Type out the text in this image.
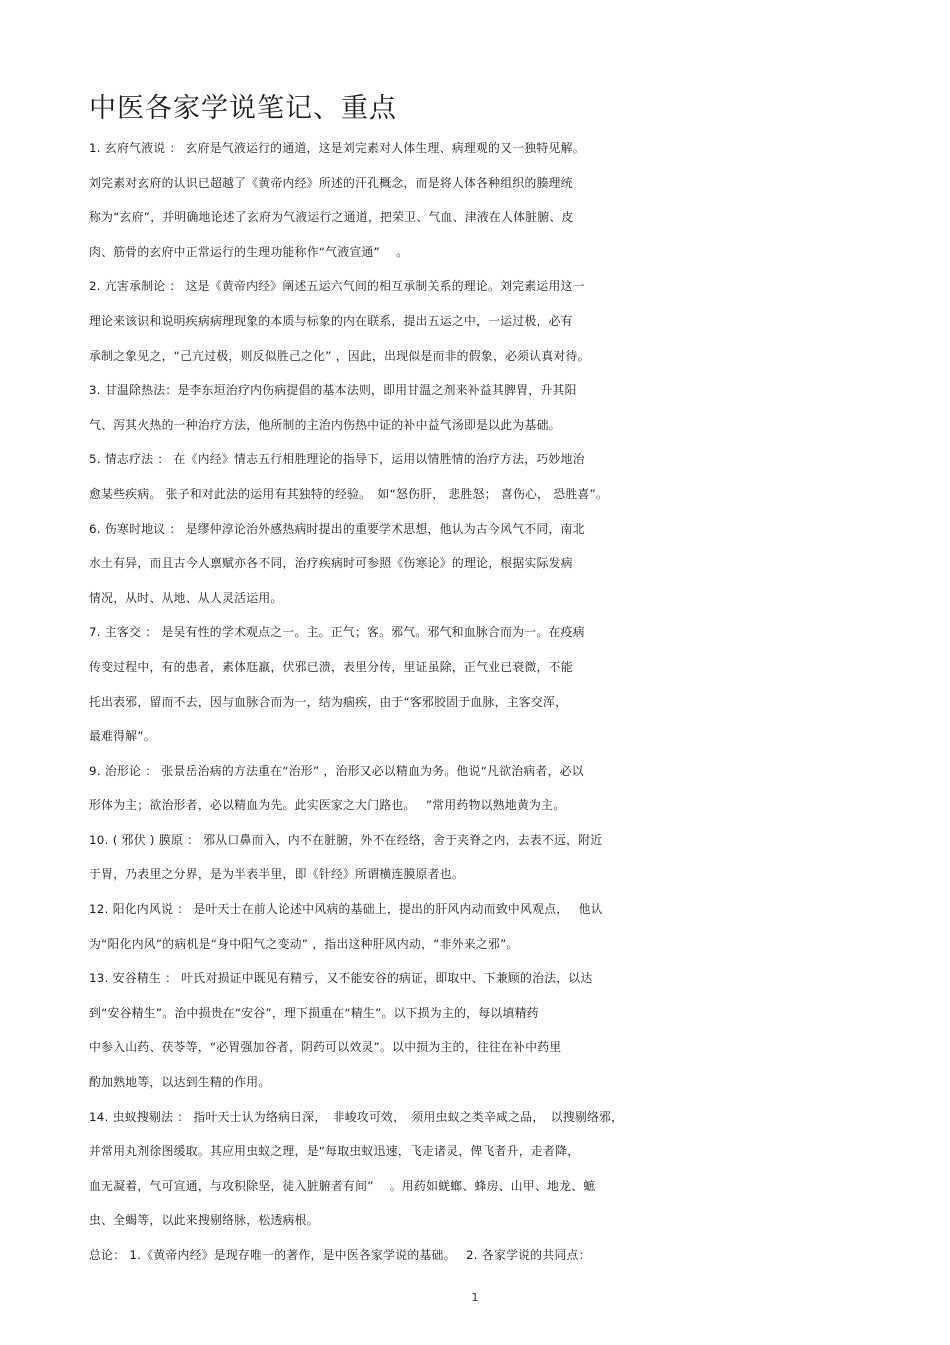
中医各家学说笔记、重点
1. 玄府气液说 ： 玄府是气液运行的通道，这是刘完素对人体生理、病理观的又一独特见解。
刘完素对玄府的认识已超越了《黄帝内经》所述的汗孔概念，而是将人体各种组织的腠理统
称为“玄府”，并明确地论述了玄府为气液运行之通道，把荣卫、气血、津液在人体脏腑、皮
肉、筋骨的玄府中正常运行的生理功能称作“气液宣通”　 。
2. 亢害承制论 ： 这是《黄帝内经》阐述五运六气间的相互承制关系的理论。刘完素运用这一
理论来该识和说明疾病病理现象的本质与标象的内在联系，提出五运之中，一运过极，必有
承制之象见之，“己亢过极，则反似胜己之化” ，因此，出现似是而非的假象，必须认真对待。
3. 甘温除热法：是李东垣治疗内伤病提倡的基本法则，即用甘温之剂来补益其脾胃，升其阳
气、泻其火热的一种治疗方法，他所制的主治内伤热中证的补中益气汤即是以此为基础。
5. 情志疗法 ： 在《内经》情志五行相胜理论的指导下，运用以情胜情的治疗方法，巧妙地治
愈某些疾病。 张子和对此法的运用有其独特的经验。　如“怒伤肝， 悲胜怒； 喜伤心， 恐胜喜”。
6. 伤寒时地议 ： 是缪仲淳论治外感热病时提出的重要学术思想，他认为古今风气不同，南北
水土有异，而且古今人禀赋亦各不同，治疗疾病时可参照《伤寒论》的理论，根据实际发病
情况，从时、从地、从人灵活运用。
7. 主客交 ： 是吴有性的学术观点之一。主。正气；客。邪气。邪气和血脉合而为一。在疫病
传变过程中，有的患者，素体尫羸，伏邪已溃，表里分传，里证虽除，正气业已衰微，不能
托出表邪，留而不去，因与血脉合而为一，结为痼疾，由于“客邪胶固于血脉，主客交浑，
最难得解”。
9. 治形论 ： 张景岳治病的方法重在“治形” ，治形又必以精血为务。他说“凡欲治病者，必以
形体为主；欲治形者，必以精血为先。此实医家之大门路也。　 ”常用药物以熟地黄为主。
10. ( 邪伏 ) 膜原 ： 邪从口鼻而入，内不在脏腑，外不在经络，舍于夹脊之内，去表不远，附近
于胃，乃表里之分界，是为半表半里，即《针经》所谓横连膜原者也。
12. 阳化内风说 ： 是叶天士在前人论述中风病的基础上，提出的肝风内动而致中风观点，　 他认
为“阳化内风”的病机是“身中阳气之变动” ，指出这种肝风内动，“非外来之邪”。
13. 安谷精生 ： 叶氏对损证中既见有精亏，又不能安谷的病证，即取中、下兼顾的治法，以达
到“安谷精生”。治中损贵在“安谷”，理下损重在“精生”。以下损为主的，每以填精药
中参入山药、茯苓等，“必胃强加谷者，阴药可以效灵”。以中损为主的，往往在补中药里
酌加熟地等，以达到生精的作用。
14. 虫蚁搜剔法 ： 指叶天士认为络病日深，　非峻攻可效，　须用虫蚁之类辛咸之品，　以搜剔络邪，
并常用丸剂徐图缓取。其应用虫蚁之理，是“每取虫蚁迅速，飞走诸灵，俾飞者升，走者降，
血无凝着，气可宣通，与攻积除坚，徒入脏腑者有间”　 。用药如蜣螂、蜂房、山甲、地龙、蟅
虫、全蝎等，以此来搜剔络脉，松透病根。
总论： 1.《黄帝内经》是现存唯一的著作，是中医各家学说的基础。　 2. 各家学说的共同点：
1
